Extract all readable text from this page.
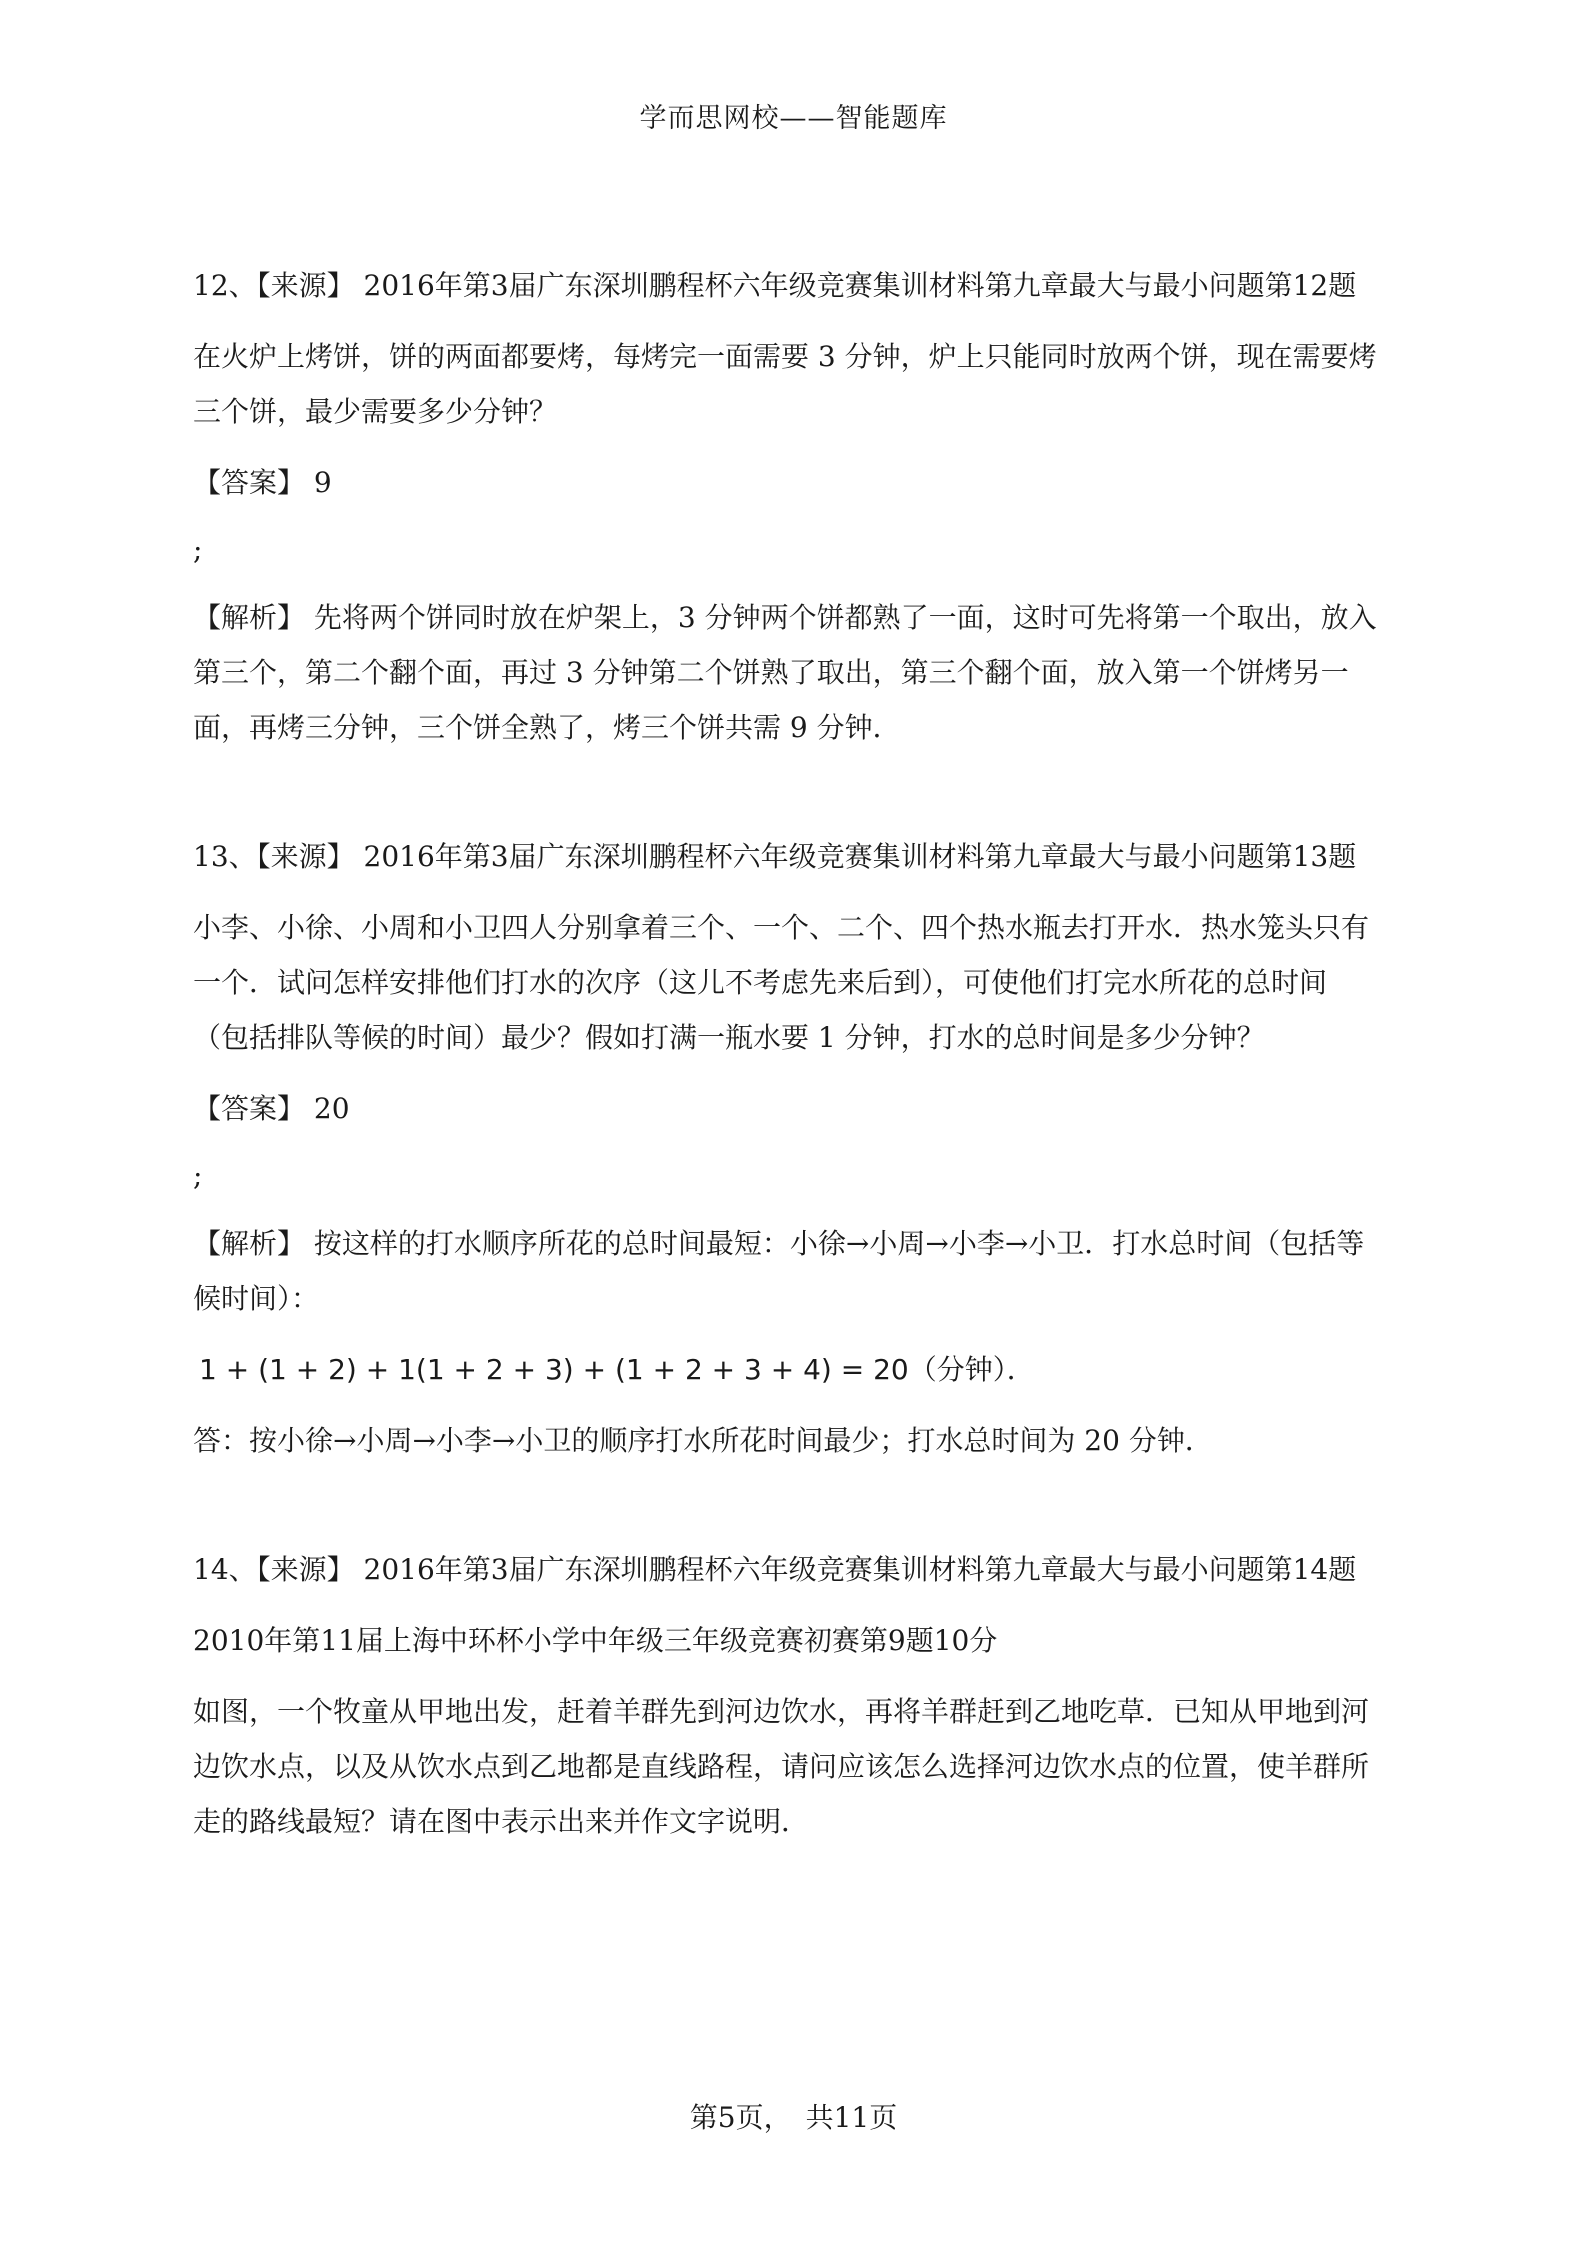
学而思网校——智能题库

12、【来源】 2016年第3届广东深圳鹏程杯六年级竞赛集训材料第九章最大与最小问题第12题

在火炉上烤饼，饼的两面都要烤，每烤完一面需要 3 分钟，炉上只能同时放两个饼，现在需要烤

三个饼，最少需要多少分钟？

【答案】 9

;

【解析】 先将两个饼同时放在炉架上，3 分钟两个饼都熟了一面，这时可先将第一个取出，放入

第三个，第二个翻个面，再过 3 分钟第二个饼熟了取出，第三个翻个面，放入第一个饼烤另一

面，再烤三分钟，三个饼全熟了，烤三个饼共需 9 分钟．

13、【来源】 2016年第3届广东深圳鹏程杯六年级竞赛集训材料第九章最大与最小问题第13题

小李、小徐、小周和小卫四人分别拿着三个、一个、二个、四个热水瓶去打开水．热水笼头只有

一个．试问怎样安排他们打水的次序（这儿不考虑先来后到），可使他们打完水所花的总时间

（包括排队等候的时间）最少？假如打满一瓶水要 1 分钟，打水的总时间是多少分钟？

【答案】 20

;

【解析】 按这样的打水顺序所花的总时间最短：小徐→小周→小李→小卫．打水总时间（包括等

候时间）：

1 + (1 + 2) + 1(1 + 2 + 3) + (1 + 2 + 3 + 4) = 20（分钟）．

答：按小徐→小周→小李→小卫的顺序打水所花时间最少；打水总时间为 20 分钟．

14、【来源】 2016年第3届广东深圳鹏程杯六年级竞赛集训材料第九章最大与最小问题第14题

2010年第11届上海中环杯小学中年级三年级竞赛初赛第9题10分

如图，一个牧童从甲地出发，赶着羊群先到河边饮水，再将羊群赶到乙地吃草．已知从甲地到河

边饮水点，以及从饮水点到乙地都是直线路程，请问应该怎么选择河边饮水点的位置，使羊群所

走的路线最短？请在图中表示出来并作文字说明．

第5页，　共11页
